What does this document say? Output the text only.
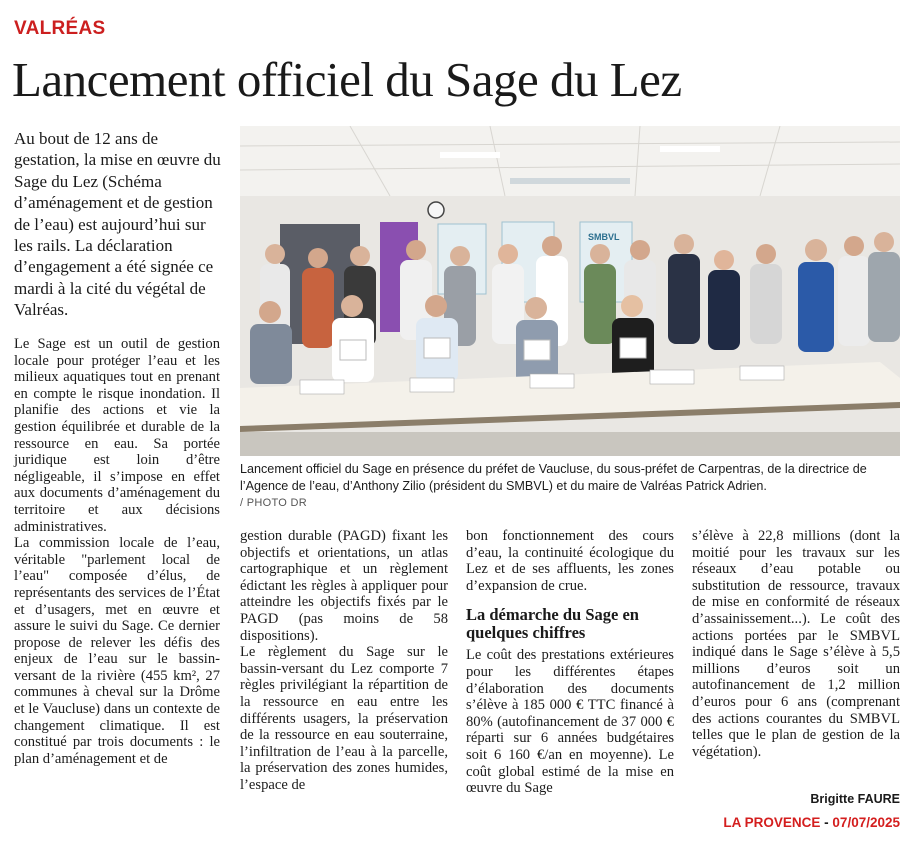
VALRÉAS
Lancement officiel du Sage du Lez
Au bout de 12 ans de gestation, la mise en œuvre du Sage du Lez (Schéma d’aménagement et de gestion de l’eau) est aujourd’hui sur les rails. La déclaration d’engagement a été signée ce mardi à la cité du végétal de Valréas.

Le Sage est un outil de gestion locale pour protéger l’eau et les milieux aquatiques tout en prenant en compte le risque inondation. Il planifie des actions et vie la gestion équilibrée et durable de la ressource en eau. Sa portée juridique est loin d’être négligeable, il s’impose en effet aux documents d’aménagement du territoire et aux décisions administratives.

La commission locale de l’eau, véritable "parlement local de l’eau" composée d’élus, de représentants des services de l’État et d’usagers, met en œuvre et assure le suivi du Sage. Ce dernier propose de relever les défis des enjeux de l’eau sur le bassin-versant de la rivière (455 km², 27 communes à cheval sur la Drôme et le Vaucluse) dans un contexte de changement climatique. Il est constitué par trois documents : le plan d’aménagement et de

SMBVL
Lancement officiel du Sage en présence du préfet de Vaucluse, du sous-préfet de Carpentras, de la directrice de l’Agence de l’eau, d’Anthony Zilio (président du SMBVL) et du maire de Valréas Patrick Adrien.
/ PHOTO DR

gestion durable (PAGD) fixant les objectifs et orientations, un atlas cartographique et un règlement édictant les règles à appliquer pour atteindre les objectifs fixés par le PAGD (pas moins de 58 dispositions).

Le règlement du Sage sur le bassin-versant du Lez comporte 7 règles privilégiant la répartition de la ressource en eau entre les différents usagers, la préservation de la ressource en eau souterraine, l’infiltration de l’eau à la parcelle, la préservation des zones humides, l’espace de

bon fonctionnement des cours d’eau, la continuité écologique du Lez et de ses affluents, les zones d’expansion de crue.

La démarche du Sage en quelques chiffres

Le coût des prestations extérieures pour les différentes étapes d’élaboration des documents s’élève à 185 000 € TTC financé à 80% (autofinancement de 37 000 € réparti sur 6 années budgétaires soit 6 160 €/an en moyenne). Le coût global estimé de la mise en œuvre du Sage

s’élève à 22,8 millions (dont la moitié pour les travaux sur les réseaux d’eau potable ou substitution de ressource, travaux de mise en conformité de réseaux d’assainissement...). Le coût des actions portées par le SMBVL indiqué dans le Sage s’élève à 5,5 millions d’euros soit un autofinancement de 1,2 million d’euros pour 6 ans (comprenant des actions courantes du SMBVL telles que le plan de gestion de la végétation).

Brigitte FAURE
LA PROVENCE - 07/07/2025
